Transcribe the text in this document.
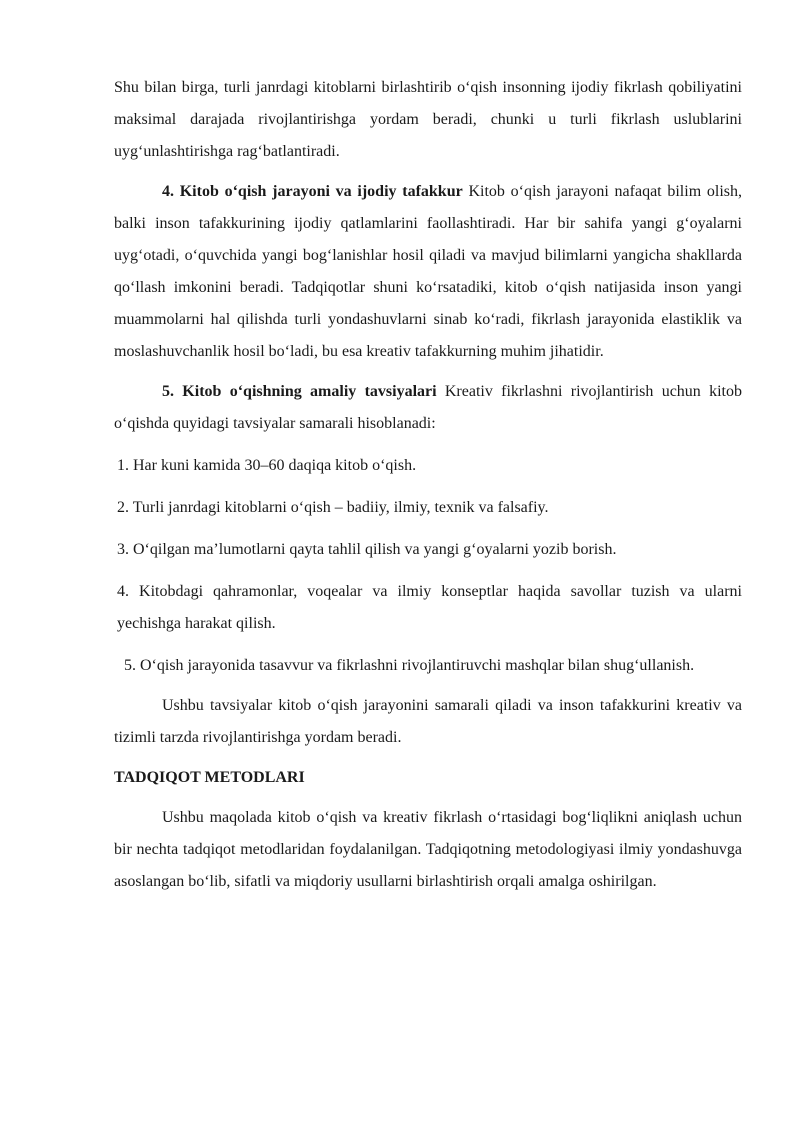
Shu bilan birga, turli janrdagi kitoblarni birlashtirib o‘qish insonning ijodiy fikrlash qobiliyatini maksimal darajada rivojlantirishga yordam beradi, chunki u turli fikrlash uslublarini uyg‘unlashtirishga rag‘batlantiradi.

4. Kitob o‘qish jarayoni va ijodiy tafakkur Kitob o‘qish jarayoni nafaqat bilim olish, balki inson tafakkurining ijodiy qatlamlarini faollashtiradi. Har bir sahifa yangi g‘oyalarni uyg‘otadi, o‘quvchida yangi bog‘lanishlar hosil qiladi va mavjud bilimlarni yangicha shakllarda qo‘llash imkonini beradi. Tadqiqotlar shuni ko‘rsatadiki, kitob o‘qish natijasida inson yangi muammolarni hal qilishda turli yondashuvlarni sinab ko‘radi, fikrlash jarayonida elastiklik va moslashuvchanlik hosil bo‘ladi, bu esa kreativ tafakkurning muhim jihatidir.

5. Kitob o‘qishning amaliy tavsiyalari Kreativ fikrlashni rivojlantirish uchun kitob o‘qishda quyidagi tavsiyalar samarali hisoblanadi:

1. Har kuni kamida 30–60 daqiqa kitob o‘qish.

2. Turli janrdagi kitoblarni o‘qish – badiiy, ilmiy, texnik va falsafiy.

3. O‘qilgan ma’lumotlarni qayta tahlil qilish va yangi g‘oyalarni yozib borish.

4. Kitobdagi qahramonlar, voqealar va ilmiy konseptlar haqida savollar tuzish va ularni yechishga harakat qilish.

5. O‘qish jarayonida tasavvur va fikrlashni rivojlantiruvchi mashqlar bilan shug‘ullanish.

Ushbu tavsiyalar kitob o‘qish jarayonini samarali qiladi va inson tafakkurini kreativ va tizimli tarzda rivojlantirishga yordam beradi.

TADQIQOT METODLARI

Ushbu maqolada kitob o‘qish va kreativ fikrlash o‘rtasidagi bog‘liqlikni aniqlash uchun bir nechta tadqiqot metodlaridan foydalanilgan. Tadqiqotning metodologiyasi ilmiy yondashuvga asoslangan bo‘lib, sifatli va miqdoriy usullarni birlashtirish orqali amalga oshirilgan.
